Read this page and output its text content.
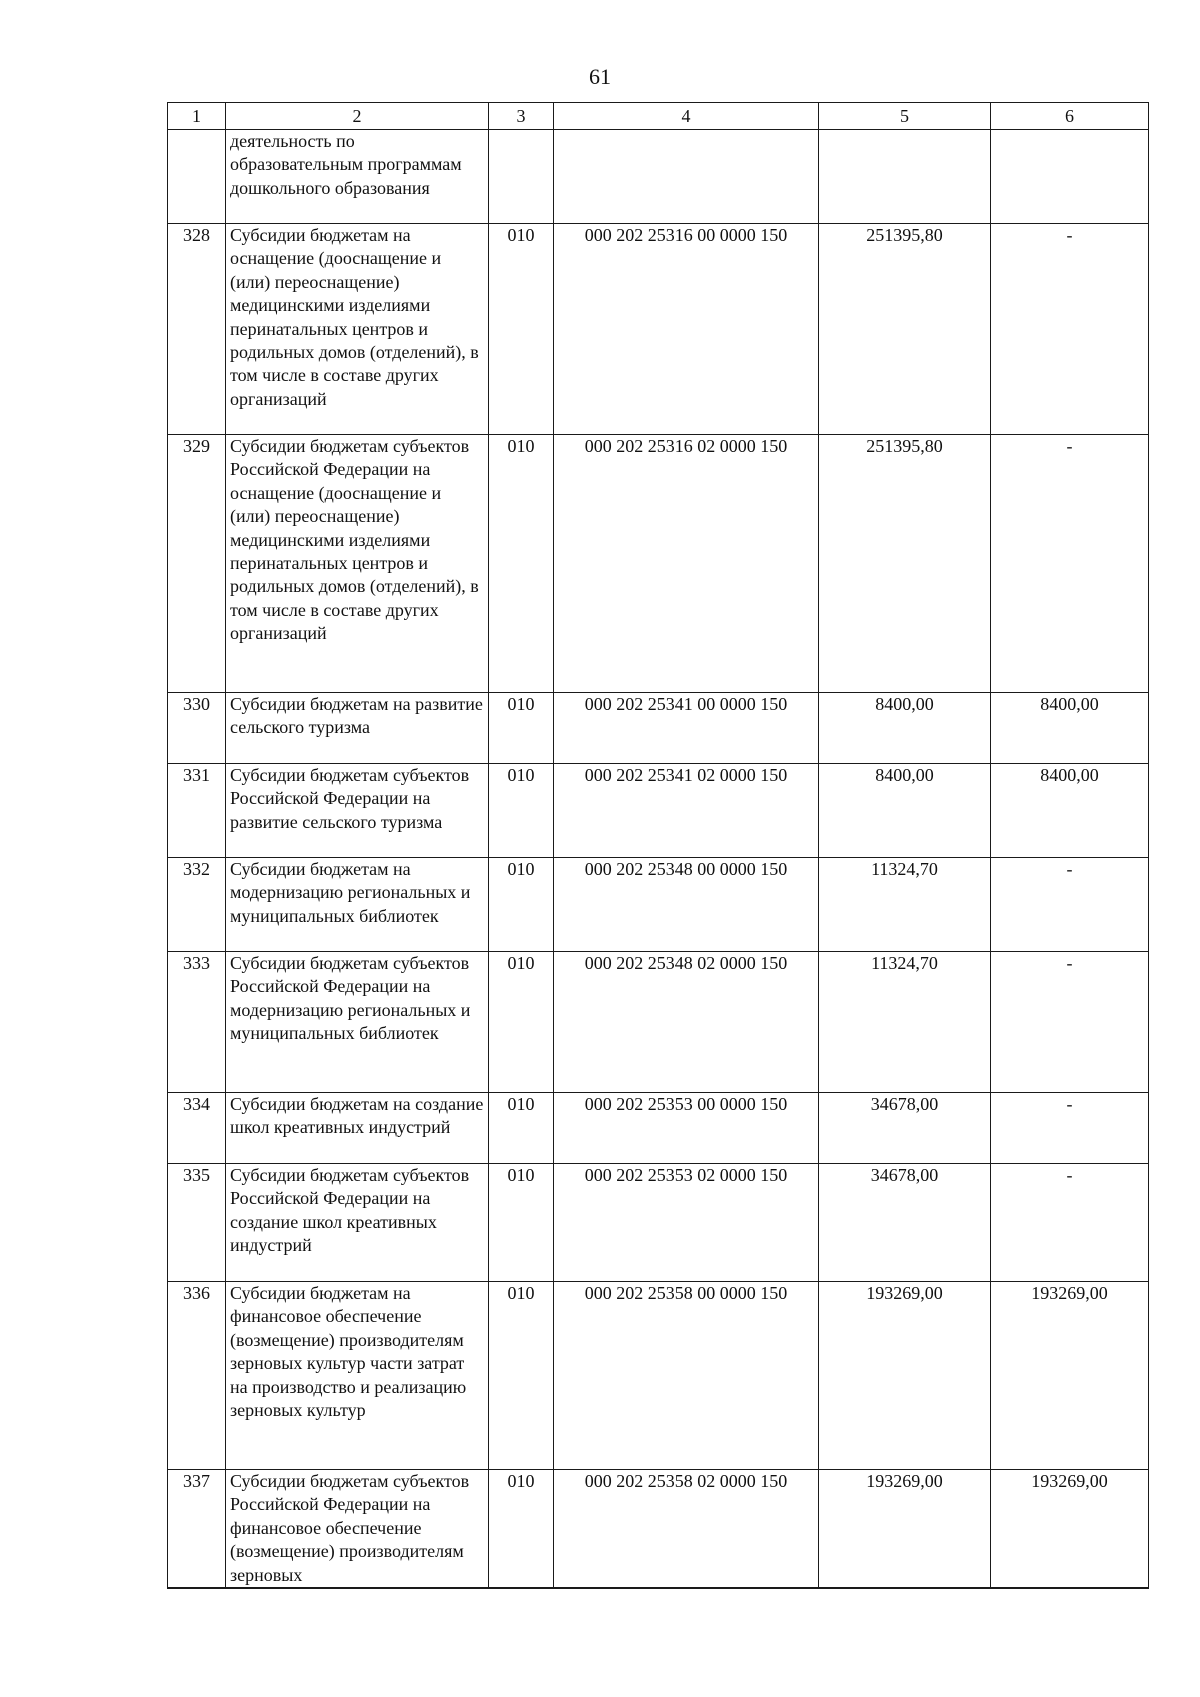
61
1	2	3	4	5	6
	деятельность по образовательным программам дошкольного образования				
328	Субсидии бюджетам на оснащение (дооснащение и (или) переоснащение) медицинскими изделиями перинатальных центров и родильных домов (отделений), в том числе в составе других организаций	010	000 202 25316 00 0000 150	251395,80	-
329	Субсидии бюджетам субъектов Российской Федерации на оснащение (дооснащение и (или) переоснащение) медицинскими изделиями перинатальных центров и родильных домов (отделений), в том числе в составе других организаций	010	000 202 25316 02 0000 150	251395,80	-
330	Субсидии бюджетам на развитие сельского туризма	010	000 202 25341 00 0000 150	8400,00	8400,00
331	Субсидии бюджетам субъектов Российской Федерации на развитие сельского туризма	010	000 202 25341 02 0000 150	8400,00	8400,00
332	Субсидии бюджетам на модернизацию региональных и муниципальных библиотек	010	000 202 25348 00 0000 150	11324,70	-
333	Субсидии бюджетам субъектов Российской Федерации на модернизацию региональных и муниципальных библиотек	010	000 202 25348 02 0000 150	11324,70	-
334	Субсидии бюджетам на создание школ креативных индустрий	010	000 202 25353 00 0000 150	34678,00	-
335	Субсидии бюджетам субъектов Российской Федерации на создание школ креативных индустрий	010	000 202 25353 02 0000 150	34678,00	-
336	Субсидии бюджетам на финансовое обеспечение (возмещение) производителям зерновых культур части затрат на производство и реализацию зерновых культур	010	000 202 25358 00 0000 150	193269,00	193269,00
337	Субсидии бюджетам субъектов Российской Федерации на финансовое обеспечение (возмещение) производителям зерновых	010	000 202 25358 02 0000 150	193269,00	193269,00
